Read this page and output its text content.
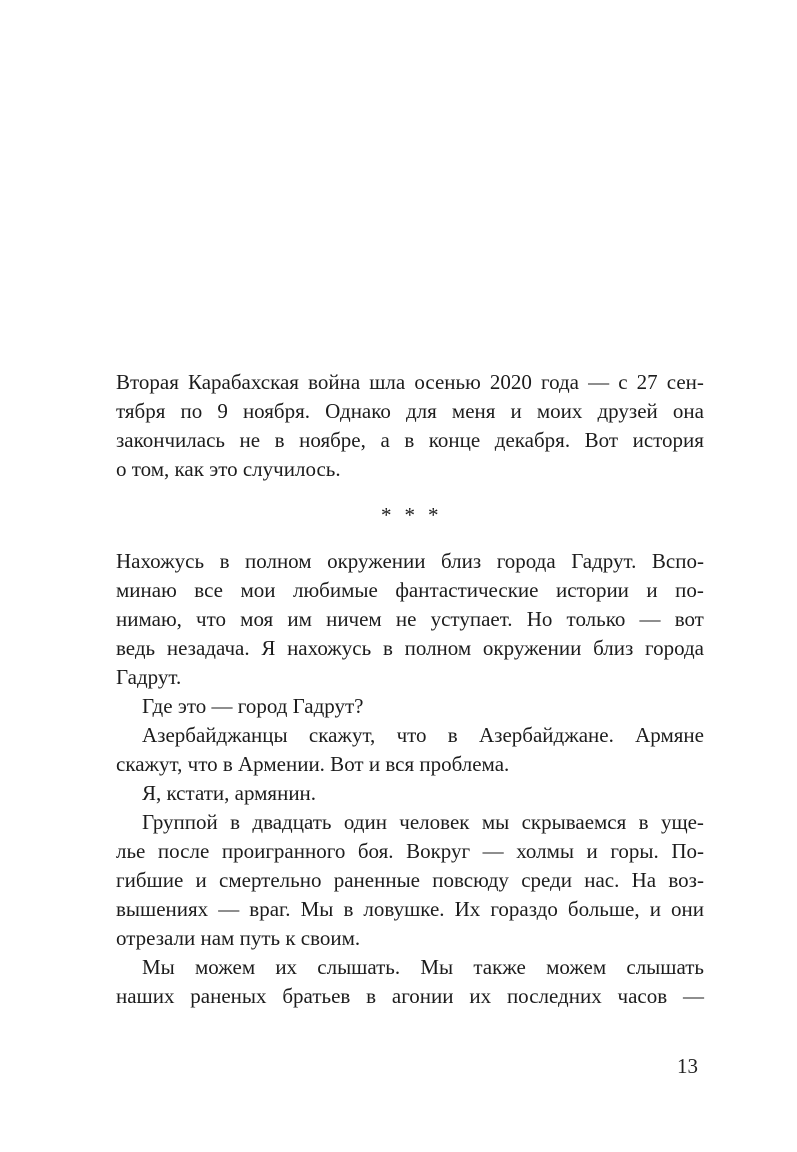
Вторая Карабахская война шла осенью 2020 года — с 27 сен-
тября по 9 ноября. Однако для меня и моих друзей она
закончилась не в ноябре, а в конце декабря. Вот история
о том, как это случилось.
* * *
Нахожусь в полном окружении близ города Гадрут. Вспо-
минаю все мои любимые фантастические истории и по-
нимаю, что моя им ничем не уступает. Но только — вот
ведь незадача. Я нахожусь в полном окружении близ города
Гадрут.
Где это — город Гадрут?
Азербайджанцы скажут, что в Азербайджане. Армяне
скажут, что в Армении. Вот и вся проблема.
Я, кстати, армянин.
Группой в двадцать один человек мы скрываемся в уще-
лье после проигранного боя. Вокруг — холмы и горы. По-
гибшие и смертельно раненные повсюду среди нас. На воз-
вышениях — враг. Мы в ловушке. Их гораздо больше, и они
отрезали нам путь к своим.
Мы можем их слышать. Мы также можем слышать
наших раненых братьев в агонии их последних часов —
13
